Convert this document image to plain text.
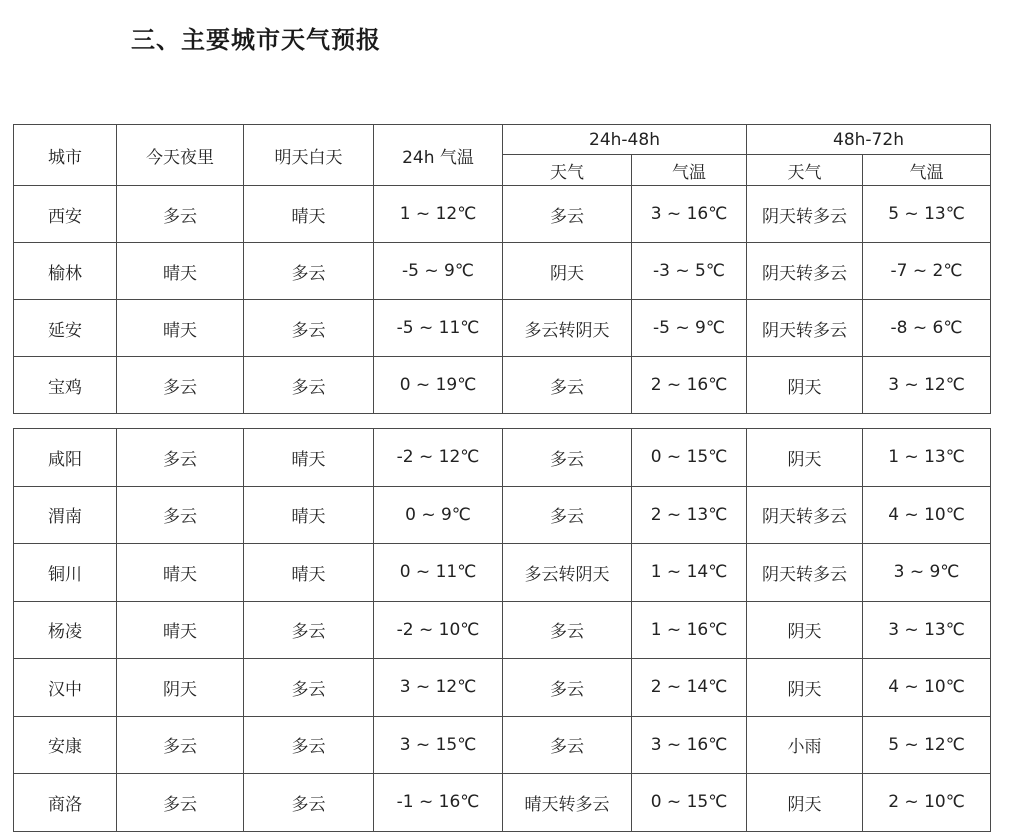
三、主要城市天气预报
城市	今天夜里	明天白天	24h 气温	24h-48h		48h-72h	
				天气	气温	天气	气温
西安	多云	晴天	1 ~ 12℃	多云	3 ~ 16℃	阴天转多云	5 ~ 13℃
榆林	晴天	多云	-5 ~ 9℃	阴天	-3 ~ 5℃	阴天转多云	-7 ~ 2℃
延安	晴天	多云	-5 ~ 11℃	多云转阴天	-5 ~ 9℃	阴天转多云	-8 ~ 6℃
宝鸡	多云	多云	0 ~ 19℃	多云	2 ~ 16℃	阴天	3 ~ 12℃
咸阳	多云	晴天	-2 ~ 12℃	多云	0 ~ 15℃	阴天	1 ~ 13℃
渭南	多云	晴天	0 ~ 9℃	多云	2 ~ 13℃	阴天转多云	4 ~ 10℃
铜川	晴天	晴天	0 ~ 11℃	多云转阴天	1 ~ 14℃	阴天转多云	3 ~ 9℃
杨凌	晴天	多云	-2 ~ 10℃	多云	1 ~ 16℃	阴天	3 ~ 13℃
汉中	阴天	多云	3 ~ 12℃	多云	2 ~ 14℃	阴天	4 ~ 10℃
安康	多云	多云	3 ~ 15℃	多云	3 ~ 16℃	小雨	5 ~ 12℃
商洛	多云	多云	-1 ~ 16℃	晴天转多云	0 ~ 15℃	阴天	2 ~ 10℃
